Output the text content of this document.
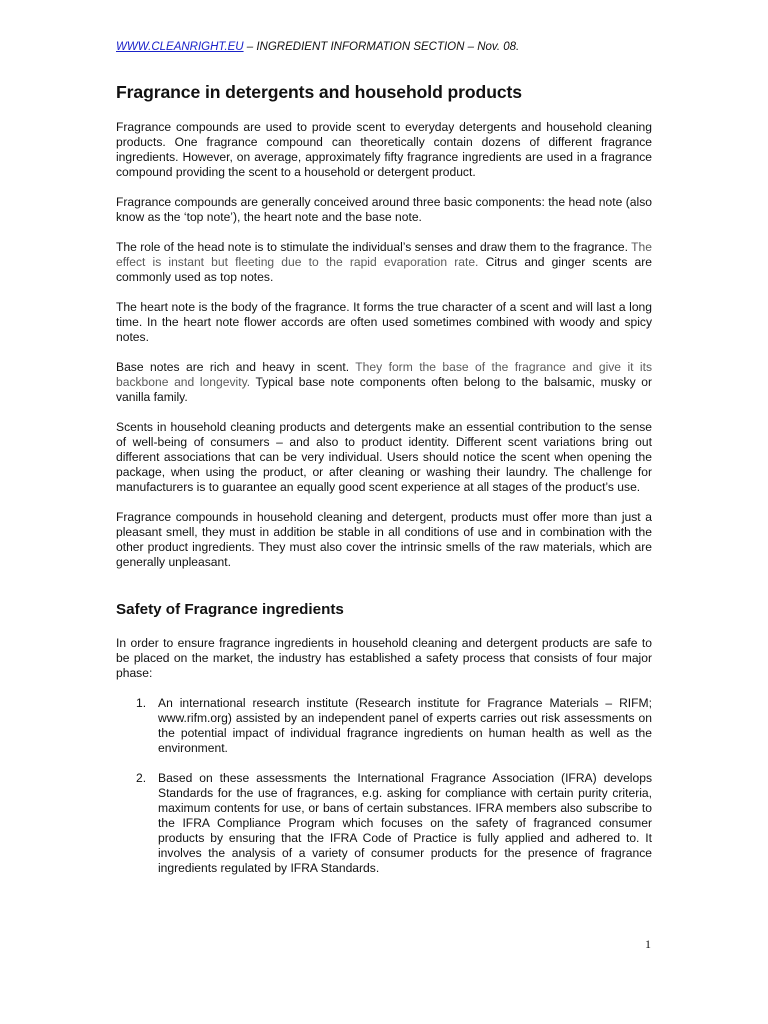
WWW.CLEANRIGHT.EU – INGREDIENT INFORMATION SECTION – Nov. 08.

Fragrance in detergents and household products

Fragrance compounds are used to provide scent to everyday detergents and household cleaning products. One fragrance compound can theoretically contain dozens of different fragrance ingredients. However, on average, approximately fifty fragrance ingredients are used in a fragrance compound providing the scent to a household or detergent product.

Fragrance compounds are generally conceived around three basic components: the head note (also know as the ‘top note’), the heart note and the base note.

The role of the head note is to stimulate the individual’s senses and draw them to the fragrance. The effect is instant but fleeting due to the rapid evaporation rate. Citrus and ginger scents are commonly used as top notes.

The heart note is the body of the fragrance. It forms the true character of a scent and will last a long time. In the heart note flower accords are often used sometimes combined with woody and spicy notes.

Base notes are rich and heavy in scent. They form the base of the fragrance and give it its backbone and longevity. Typical base note components often belong to the balsamic, musky or vanilla family.

Scents in household cleaning products and detergents make an essential contribution to the sense of well-being of consumers – and also to product identity. Different scent variations bring out different associations that can be very individual. Users should notice the scent when opening the package, when using the product, or after cleaning or washing their laundry. The challenge for manufacturers is to guarantee an equally good scent experience at all stages of the product’s use.

Fragrance compounds in household cleaning and detergent, products must offer more than just a pleasant smell, they must in addition be stable in all conditions of use and in combination with the other product ingredients. They must also cover the intrinsic smells of the raw materials, which are generally unpleasant.

Safety of Fragrance ingredients

In order to ensure fragrance ingredients in household cleaning and detergent products are safe to be placed on the market, the industry has established a safety process that consists of four major phase:

1. An international research institute (Research institute for Fragrance Materials – RIFM; www.rifm.org) assisted by an independent panel of experts carries out risk assessments on the potential impact of individual fragrance ingredients on human health as well as the environment.
2. Based on these assessments the International Fragrance Association (IFRA) develops Standards for the use of fragrances, e.g. asking for compliance with certain purity criteria, maximum contents for use, or bans of certain substances. IFRA members also subscribe to the IFRA Compliance Program which focuses on the safety of fragranced consumer products by ensuring that the IFRA Code of Practice is fully applied and adhered to. It involves the analysis of a variety of consumer products for the presence of fragrance ingredients regulated by IFRA Standards.
1
